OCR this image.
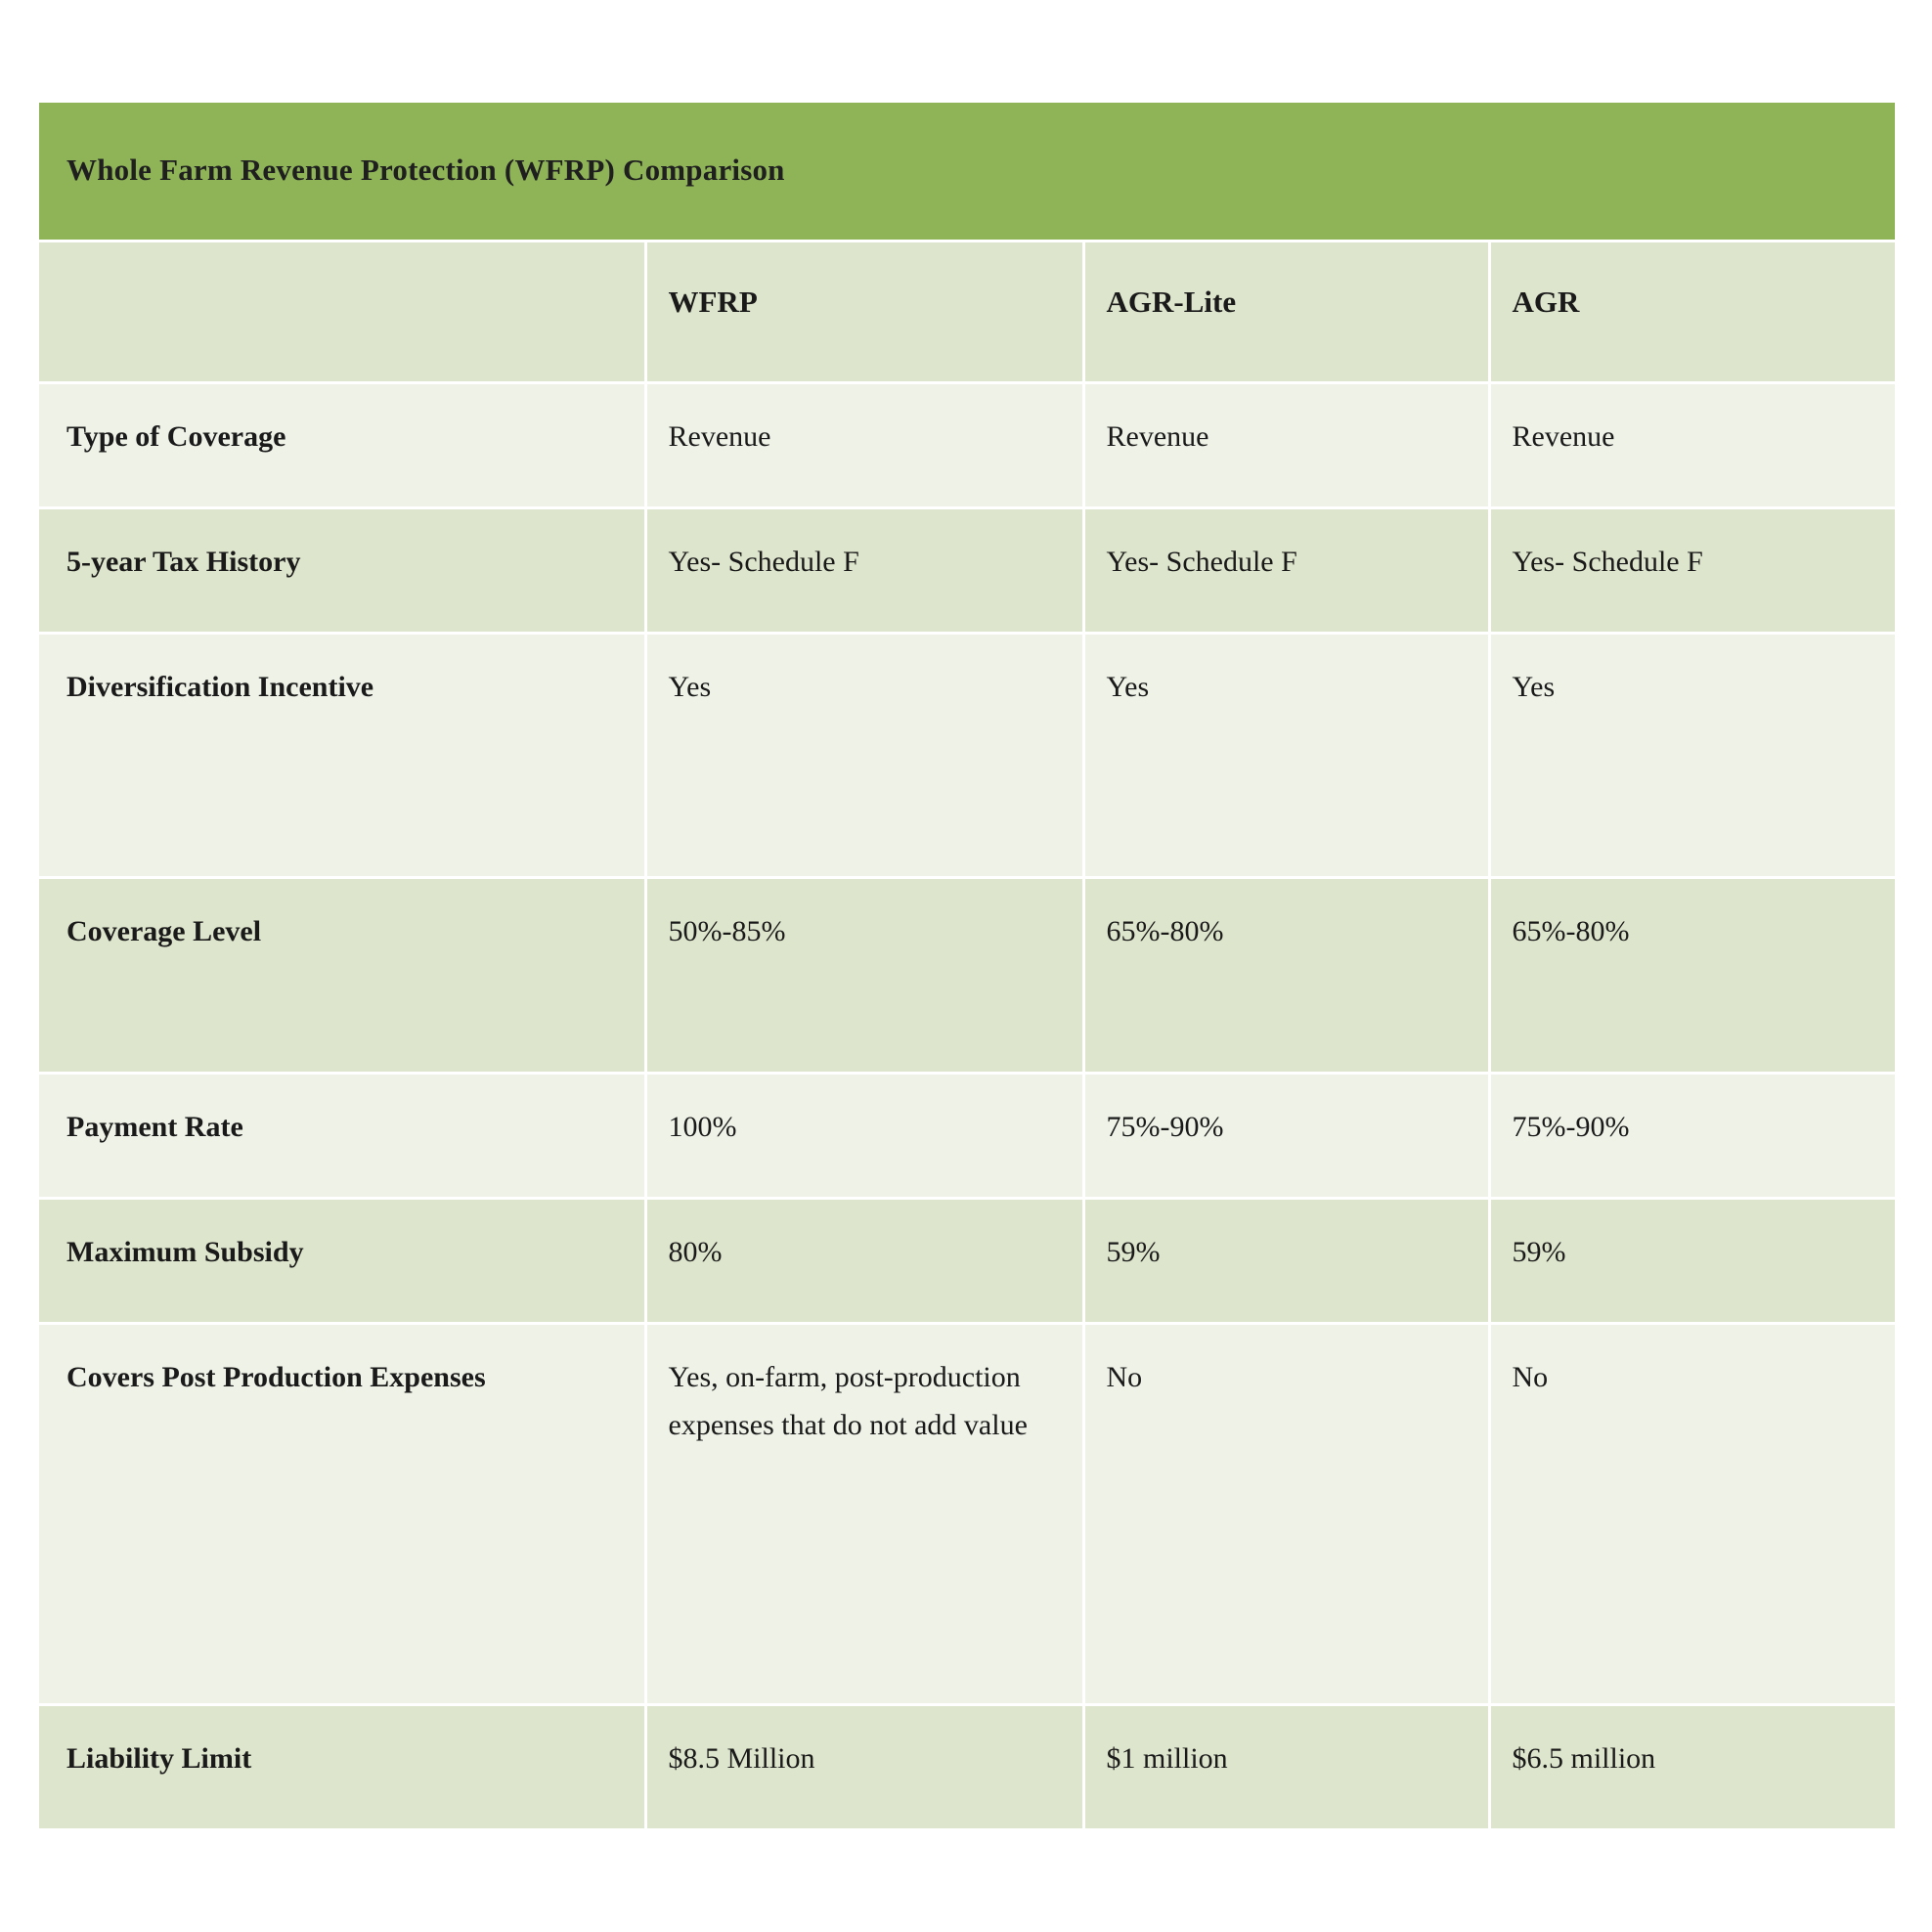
Whole Farm Revenue Protection (WFRP) Comparison			
	WFRP	AGR-Lite	AGR
Type of Coverage	Revenue	Revenue	Revenue
5-year Tax History	Yes- Schedule F	Yes- Schedule F	Yes- Schedule F
Diversification Incentive	Yes	Yes	Yes
Coverage Level	50%-85%	65%-80%	65%-80%
Payment Rate	100%	75%-90%	75%-90%
Maximum Subsidy	80%	59%	59%
Covers Post Production Expenses	Yes, on-farm, post-production expenses that do not add value	No	No
Liability Limit	$8.5 Million	$1 million	$6.5 million
